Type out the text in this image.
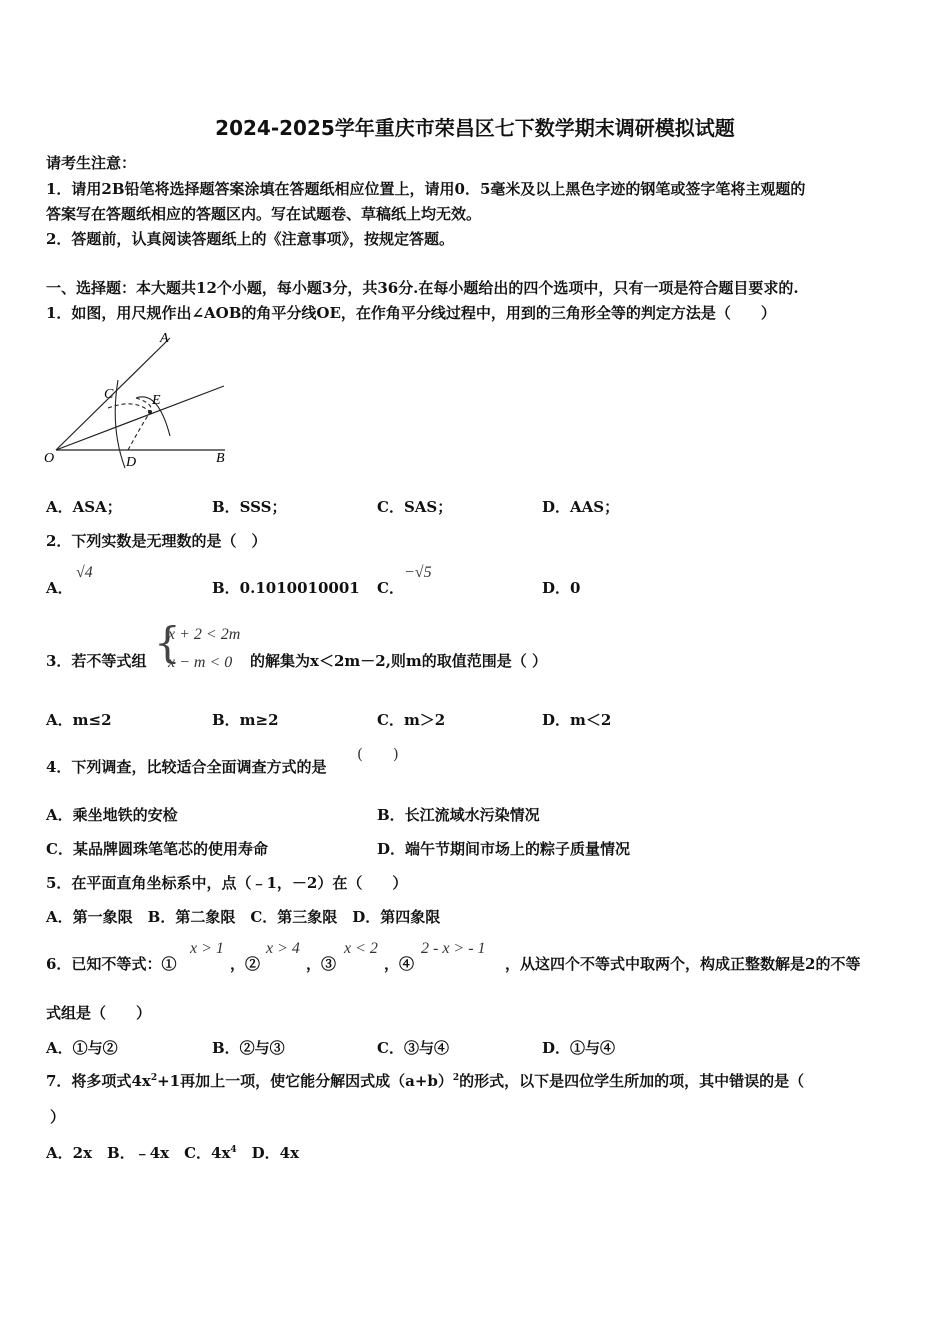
2024-2025学年重庆市荣昌区七下数学期末调研模拟试题
请考生注意：
1．请用2B铅笔将选择题答案涂填在答题纸相应位置上，请用0．5毫米及以上黑色字迹的钢笔或签字笔将主观题的
答案写在答题纸相应的答题区内。写在试题卷、草稿纸上均无效。
2．答题前，认真阅读答题纸上的《注意事项》，按规定答题。
一、选择题：本大题共12个小题，每小题3分，共36分.在每小题给出的四个选项中，只有一项是符合题目要求的.
1．如图，用尺规作出∠AOB的角平分线OE，在作角平分线过程中，用到的三角形全等的判定方法是（　　）
A
B
C
D
E
O
A．ASA；	B．SSS；	C．SAS；	D．AAS；
2．下列实数是无理数的是（　）
A．
√4
B．0.1010010001 C．
−√5
D．0
3．若不等式组 {
x + 2 < 2m
x − m < 0 的解集为x＜2m－2,则m的取值范围是（ ）
A．m≤2	B．m≥2	C．m＞2	D．m＜2
4．下列调查，比较适合全面调查方式的是
(　　)
A．乘坐地铁的安检	B．长江流域水污染情况
C．某品牌圆珠笔笔芯的使用寿命	D．端午节期间市场上的粽子质量情况
5．在平面直角坐标系中，点（﹣1，－2）在（　　）
A．第一象限　B．第二象限　C．第三象限　D．第四象限
6．已知不等式：①
x > 1
，②
x > 4
，③
x < 2
，④
2 - x > - 1
，从这四个不等式中取两个，构成正整数解是2的不等
式组是（　　）
A．①与②	B．②与③	C．③与④	D．①与④
7．将多项式$4x^2+1$再加上一项，使它能分解因式成$(a+b)^2$的形式，以下是四位学生所加的项，其中错误的是（
）
A．2x　B．﹣4x　C．$4x^4$　D．4x
